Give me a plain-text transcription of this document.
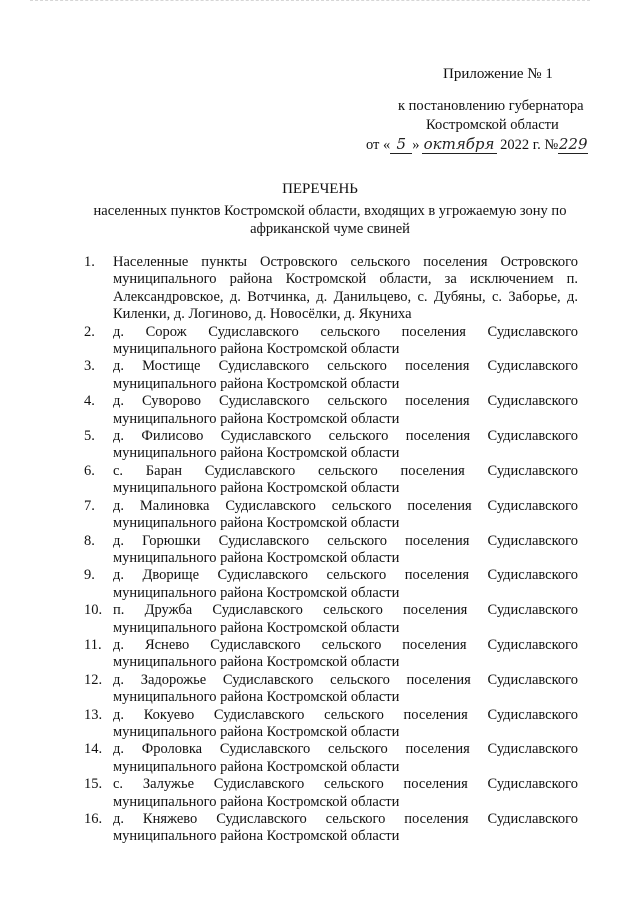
Приложение № 1
к постановлению губернатора
Костромской области
от « 5 » октября 2022 г. №229
ПЕРЕЧЕНЬ
населенных пунктов Костромской области, входящих в угрожаемую зону по африканской чуме свиней
1. Населенные пункты Островского сельского поселения Островского муниципального района Костромской области, за исключением п. Александровское, д. Вотчинка, д. Данильцево, с. Дубяны, с. Заборье, д. Киленки, д. Логиново, д. Новосёлки, д. Якуниха
2. д. Сорож Судиславского сельского поселения Судиславского муниципального района Костромской области
3. д. Мостище Судиславского сельского поселения Судиславского муниципального района Костромской области
4. д. Суворово Судиславского сельского поселения Судиславского муниципального района Костромской области
5. д. Филисово Судиславского сельского поселения Судиславского муниципального района Костромской области
6. с. Баран Судиславского сельского поселения Судиславского муниципального района Костромской области
7. д. Малиновка Судиславского сельского поселения Судиславского муниципального района Костромской области
8. д. Горюшки Судиславского сельского поселения Судиславского муниципального района Костромской области
9. д. Дворище Судиславского сельского поселения Судиславского муниципального района Костромской области
10. п. Дружба Судиславского сельского поселения Судиславского муниципального района Костромской области
11. д. Яснево Судиславского сельского поселения Судиславского муниципального района Костромской области
12. д. Задорожье Судиславского сельского поселения Судиславского муниципального района Костромской области
13. д. Кокуево Судиславского сельского поселения Судиславского муниципального района Костромской области
14. д. Фроловка Судиславского сельского поселения Судиславского муниципального района Костромской области
15. с. Залужье Судиславского сельского поселения Судиславского муниципального района Костромской области
16. д. Княжево Судиславского сельского поселения Судиславского муниципального района Костромской области
